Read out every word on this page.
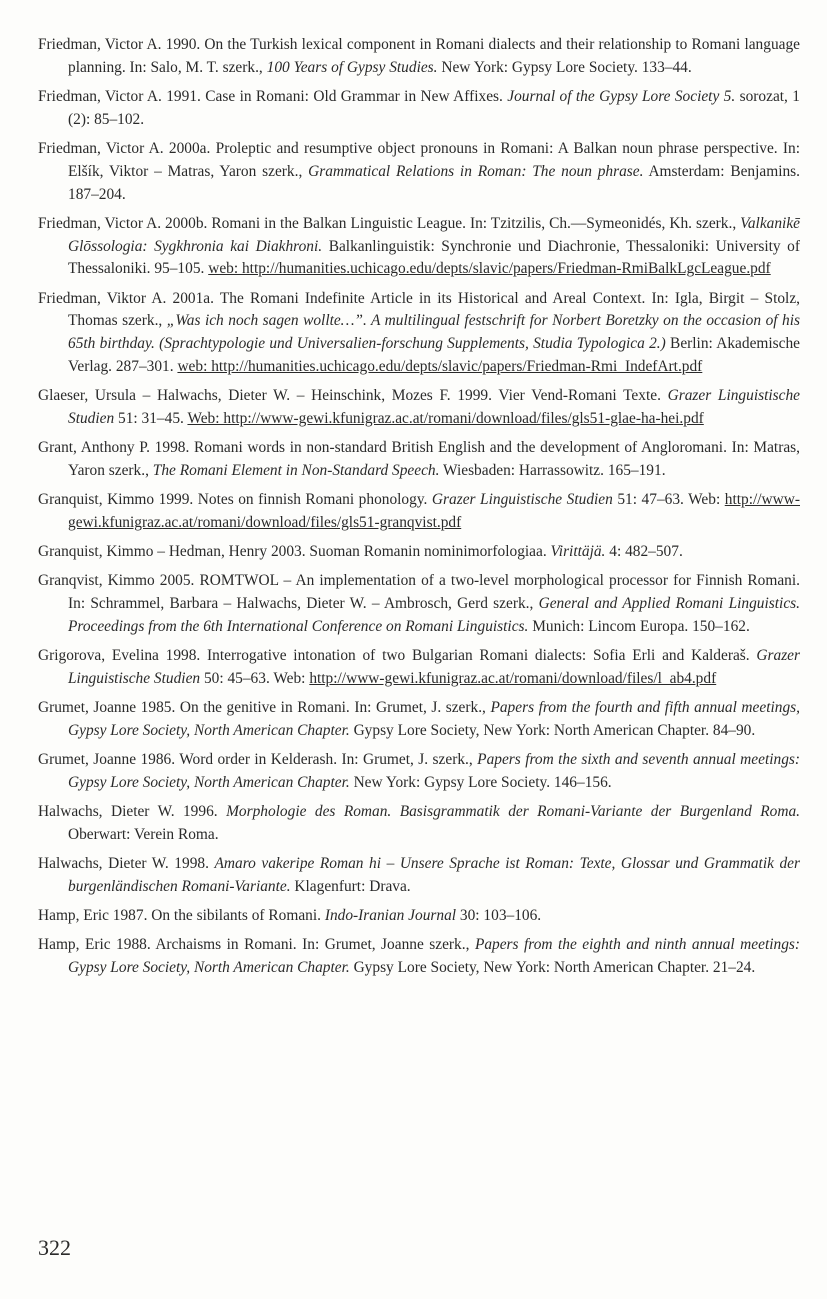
Friedman, Victor A. 1990. On the Turkish lexical component in Romani dialects and their relationship to Romani language planning. In: Salo, M. T. szerk., 100 Years of Gypsy Studies. New York: Gypsy Lore Society. 133–44.

Friedman, Victor A. 1991. Case in Romani: Old Grammar in New Affixes. Journal of the Gypsy Lore Society 5. sorozat, 1 (2): 85–102.

Friedman, Victor A. 2000a. Proleptic and resumptive object pronouns in Romani: A Balkan noun phrase perspective. In: Elšík, Viktor – Matras, Yaron szerk., Grammatical Relations in Roman: The noun phrase. Amsterdam: Benjamins. 187–204.

Friedman, Victor A. 2000b. Romani in the Balkan Linguistic League. In: Tzitzilis, Ch.—Symeonidés, Kh. szerk., Valkanikē Glōssologia: Sygkhronia kai Diakhroni. Balkanlinguistik: Synchronie und Diachronie, Thessaloniki: University of Thessaloniki. 95–105. web: http://humanities.uchicago.edu/depts/slavic/papers/Friedman-RmiBalkLgcLeague.pdf

Friedman, Viktor A. 2001a. The Romani Indefinite Article in its Historical and Areal Context. In: Igla, Birgit – Stolz, Thomas szerk., „Was ich noch sagen wollte…”. A multilingual festschrift for Norbert Boretzky on the occasion of his 65th birthday. (Sprachtypologie und Universalien-forschung Supplements, Studia Typologica 2.) Berlin: Akademische Verlag. 287–301. web: http://humanities.uchicago.edu/depts/slavic/papers/Friedman-Rmi_IndefArt.pdf

Glaeser, Ursula – Halwachs, Dieter W. – Heinschink, Mozes F. 1999. Vier Vend-Romani Texte. Grazer Linguistische Studien 51: 31–45. Web: http://www-gewi.kfunigraz.ac.at/romani/download/files/gls51-glae-ha-hei.pdf

Grant, Anthony P. 1998. Romani words in non-standard British English and the development of Angloromani. In: Matras, Yaron szerk., The Romani Element in Non-Standard Speech. Wiesbaden: Harrassowitz. 165–191.

Granquist, Kimmo 1999. Notes on finnish Romani phonology. Grazer Linguistische Studien 51: 47–63. Web: http://www-gewi.kfunigraz.ac.at/romani/download/files/gls51-granqvist.pdf

Granquist, Kimmo – Hedman, Henry 2003. Suoman Romanin nominimorfologiaa. Virittäjä. 4: 482–507.

Granqvist, Kimmo 2005. ROMTWOL – An implementation of a two-level morphological processor for Finnish Romani. In: Schrammel, Barbara – Halwachs, Dieter W. – Ambrosch, Gerd szerk., General and Applied Romani Linguistics. Proceedings from the 6th International Conference on Romani Linguistics. Munich: Lincom Europa. 150–162.

Grigorova, Evelina 1998. Interrogative intonation of two Bulgarian Romani dialects: Sofia Erli and Kalderaš. Grazer Linguistische Studien 50: 45–63. Web: http://www-gewi.kfunigraz.ac.at/romani/download/files/l_ab4.pdf

Grumet, Joanne 1985. On the genitive in Romani. In: Grumet, J. szerk., Papers from the fourth and fifth annual meetings, Gypsy Lore Society, North American Chapter. Gypsy Lore Society, New York: North American Chapter. 84–90.

Grumet, Joanne 1986. Word order in Kelderash. In: Grumet, J. szerk., Papers from the sixth and seventh annual meetings: Gypsy Lore Society, North American Chapter. New York: Gypsy Lore Society. 146–156.

Halwachs, Dieter W. 1996. Morphologie des Roman. Basisgrammatik der Romani-Variante der Burgenland Roma. Oberwart: Verein Roma.

Halwachs, Dieter W. 1998. Amaro vakeripe Roman hi – Unsere Sprache ist Roman: Texte, Glossar und Grammatik der burgenländischen Romani-Variante. Klagenfurt: Drava.

Hamp, Eric 1987. On the sibilants of Romani. Indo-Iranian Journal 30: 103–106.

Hamp, Eric 1988. Archaisms in Romani. In: Grumet, Joanne szerk., Papers from the eighth and ninth annual meetings: Gypsy Lore Society, North American Chapter. Gypsy Lore Society, New York: North American Chapter. 21–24.

322
